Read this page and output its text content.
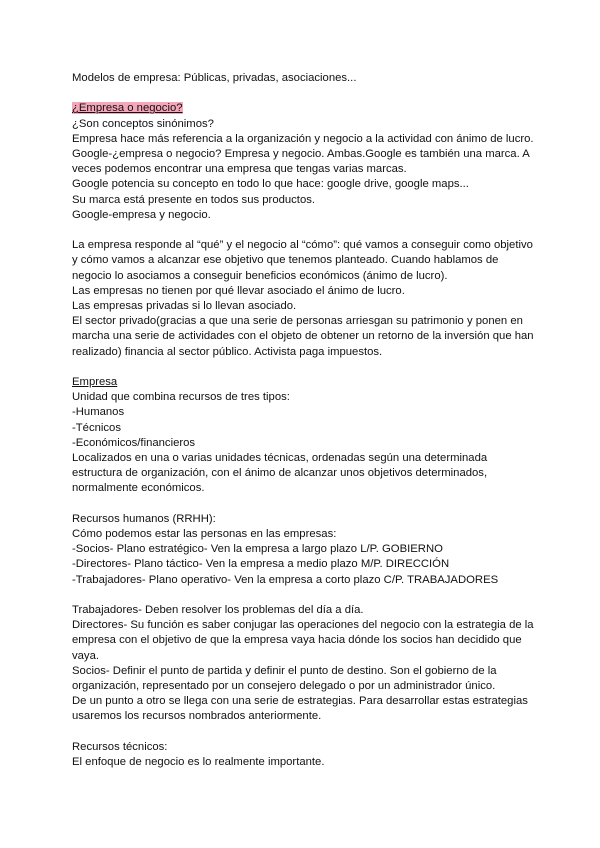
Modelos de empresa: Públicas, privadas, asociaciones...
¿Empresa o negocio?
¿Son conceptos sinónimos?
Empresa hace más referencia a la organización y negocio a la actividad con ánimo de lucro.
Google-¿empresa o negocio? Empresa y negocio. Ambas.Google es también una marca. A
veces podemos encontrar una empresa que tengas varias marcas.
Google potencia su concepto en todo lo que hace: google drive, google maps...
Su marca está presente en todos sus productos.
Google-empresa y negocio.
La empresa responde al “qué” y el negocio al “cómo”: qué vamos a conseguir como objetivo
y cómo vamos a alcanzar ese objetivo que tenemos planteado. Cuando hablamos de
negocio lo asociamos a conseguir beneficios económicos (ánimo de lucro).
Las empresas no tienen por qué llevar asociado el ánimo de lucro.
Las empresas privadas si lo llevan asociado.
El sector privado(gracias a que una serie de personas arriesgan su patrimonio y ponen en
marcha una serie de actividades con el objeto de obtener un retorno de la inversión que han
realizado) financia al sector público. Activista paga impuestos.
Empresa
Unidad que combina recursos de tres tipos:
-Humanos
-Técnicos
-Económicos/financieros
Localizados en una o varias unidades técnicas, ordenadas según una determinada
estructura de organización, con el ánimo de alcanzar unos objetivos determinados,
normalmente económicos.
Recursos humanos (RRHH):
Cómo podemos estar las personas en las empresas:
-Socios- Plano estratégico- Ven la empresa a largo plazo L/P. GOBIERNO
-Directores- Plano táctico- Ven la empresa a medio plazo M/P. DIRECCIÓN
-Trabajadores- Plano operativo- Ven la empresa a corto plazo C/P. TRABAJADORES
Trabajadores- Deben resolver los problemas del día a día.
Directores- Su función es saber conjugar las operaciones del negocio con la estrategia de la
empresa con el objetivo de que la empresa vaya hacia dónde los socios han decidido que
vaya.
Socios- Definir el punto de partida y definir el punto de destino. Son el gobierno de la
organización, representado por un consejero delegado o por un administrador único.
De un punto a otro se llega con una serie de estrategias. Para desarrollar estas estrategias
usaremos los recursos nombrados anteriormente.
Recursos técnicos:
El enfoque de negocio es lo realmente importante.
